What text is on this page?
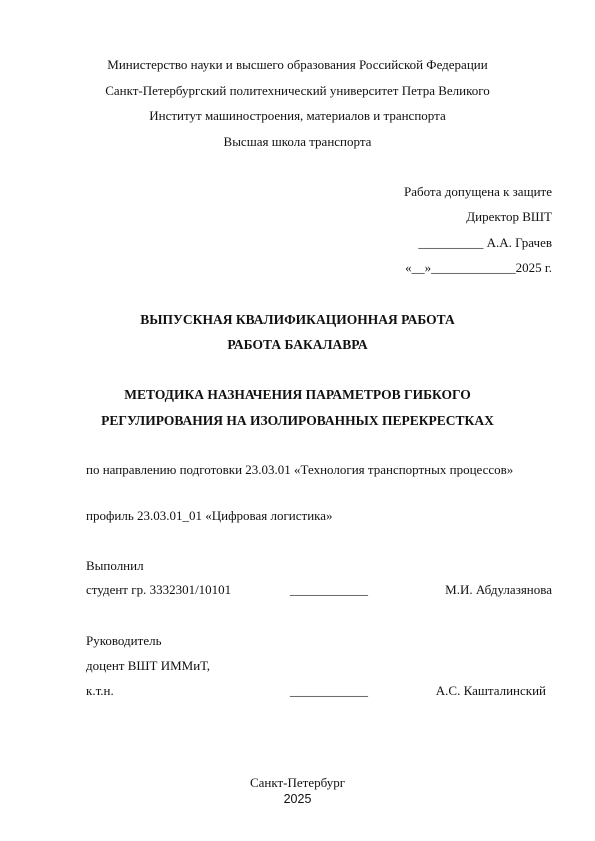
Министерство науки и высшего образования Российской Федерации
Санкт-Петербургский политехнический университет Петра Великого
Институт машиностроения, материалов и транспорта
Высшая школа транспорта
Работа допущена к защите
Директор ВШТ
__________ А.А. Грачев
«__»_____________2025 г.
ВЫПУСКНАЯ КВАЛИФИКАЦИОННАЯ РАБОТА
РАБОТА БАКАЛАВРА
МЕТОДИКА НАЗНАЧЕНИЯ ПАРАМЕТРОВ ГИБКОГО
РЕГУЛИРОВАНИЯ НА ИЗОЛИРОВАННЫХ ПЕРЕКРЕСТКАХ
по направлению подготовки 23.03.01 «Технология транспортных процессов»
профиль 23.03.01_01 «Цифровая логистика»
Выполнил
студент гр. 3332301/10101	____________	М.И. Абдулазянова
Руководитель
доцент ВШТ ИММиТ,
к.т.н.	____________	А.С. Кашталинский
Санкт-Петербург
2025
